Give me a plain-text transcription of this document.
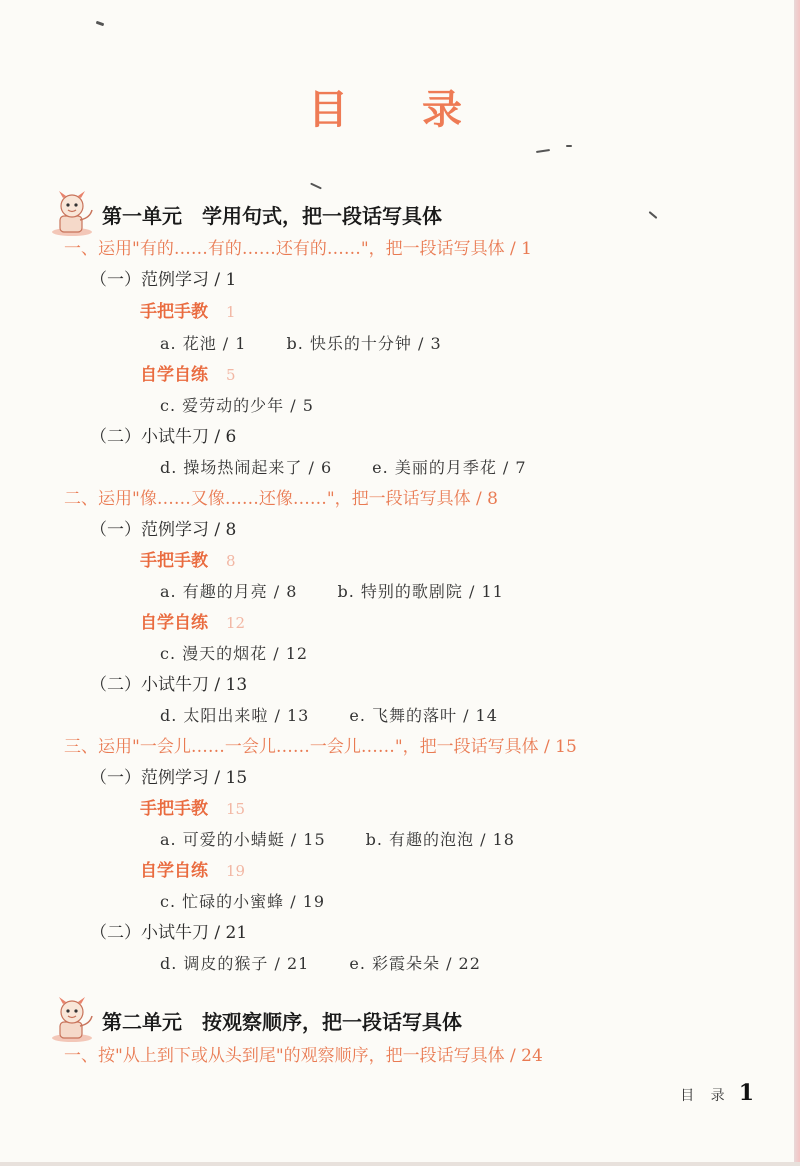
目 录
第一单元 学用句式，把一段话写具体
一、运用"有的……有的……还有的……"，把一段话写具体 / 1
（一）范例学习 / 1
手把手教 1
a. 花池 / 1	b. 快乐的十分钟 / 3
自学自练 5
c. 爱劳动的少年 / 5
（二）小试牛刀 / 6
d. 操场热闹起来了 / 6	e. 美丽的月季花 / 7
二、运用"像……又像……还像……"，把一段话写具体 / 8
（一）范例学习 / 8
手把手教 8
a. 有趣的月亮 / 8	b. 特别的歌剧院 / 11
自学自练 12
c. 漫天的烟花 / 12
（二）小试牛刀 / 13
d. 太阳出来啦 / 13	e. 飞舞的落叶 / 14
三、运用"一会儿……一会儿……一会儿……"，把一段话写具体 / 15
（一）范例学习 / 15
手把手教 15
a. 可爱的小蜻蜓 / 15	b. 有趣的泡泡 / 18
自学自练 19
c. 忙碌的小蜜蜂 / 19
（二）小试牛刀 / 21
d. 调皮的猴子 / 21	e. 彩霞朵朵 / 22
第二单元 按观察顺序，把一段话写具体
一、按"从上到下或从头到尾"的观察顺序，把一段话写具体 / 24
目 录 1
